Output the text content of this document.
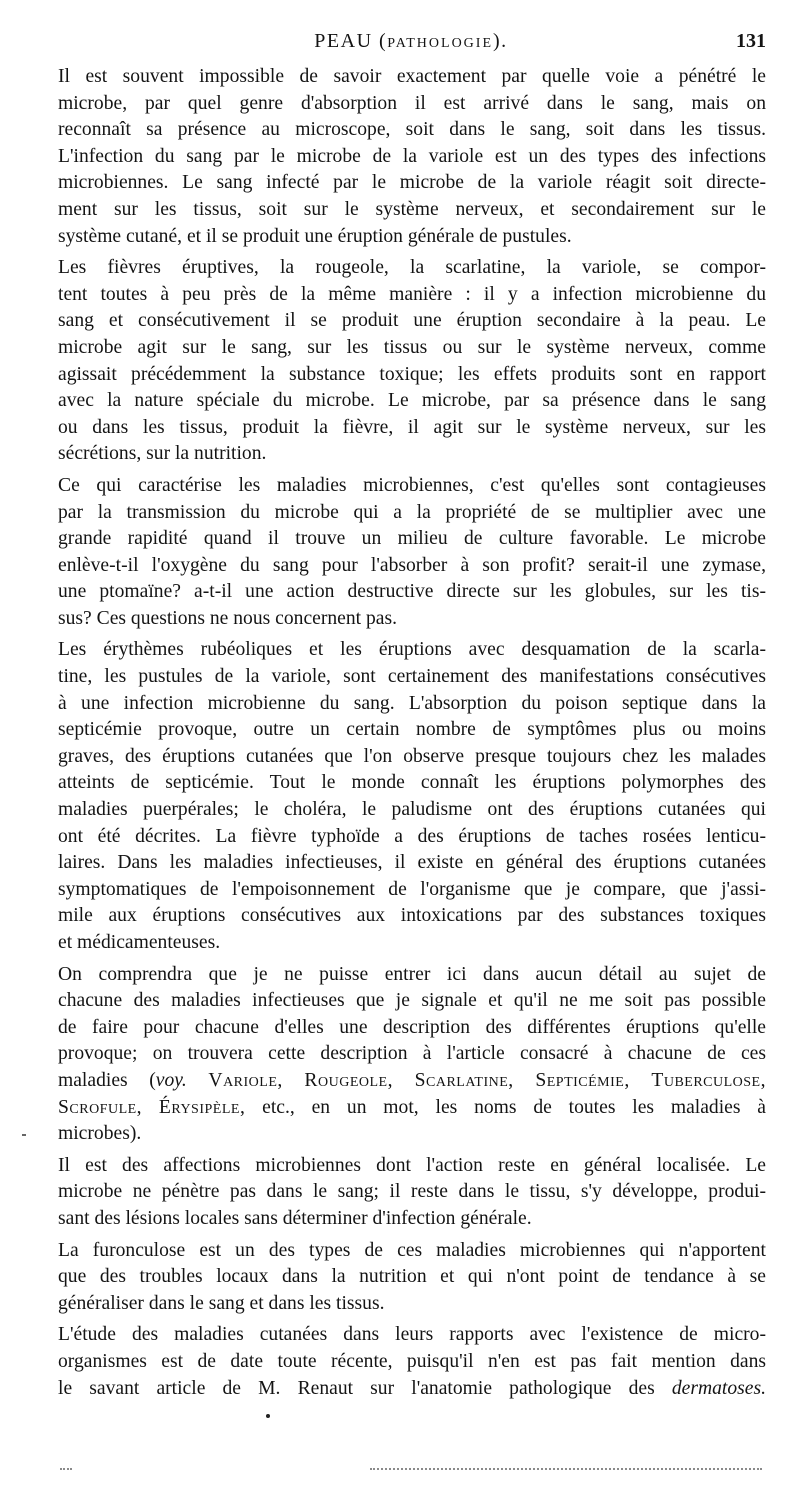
PEAU (PATHOLOGIE).	131

Il est souvent impossible de savoir exactement par quelle voie a pénétré le
microbe, par quel genre d'absorption il est arrivé dans le sang, mais on
reconnaît sa présence au microscope, soit dans le sang, soit dans les tissus.
L'infection du sang par le microbe de la variole est un des types des infections
microbiennes. Le sang infecté par le microbe de la variole réagit soit directe-
ment sur les tissus, soit sur le système nerveux, et secondairement sur le
système cutané, et il se produit une éruption générale de pustules.

Les fièvres éruptives, la rougeole, la scarlatine, la variole, se compor-
tent toutes à peu près de la même manière : il y a infection microbienne du
sang et consécutivement il se produit une éruption secondaire à la peau. Le
microbe agit sur le sang, sur les tissus ou sur le système nerveux, comme
agissait précédemment la substance toxique; les effets produits sont en rapport
avec la nature spéciale du microbe. Le microbe, par sa présence dans le sang
ou dans les tissus, produit la fièvre, il agit sur le système nerveux, sur les
sécrétions, sur la nutrition.

Ce qui caractérise les maladies microbiennes, c'est qu'elles sont contagieuses
par la transmission du microbe qui a la propriété de se multiplier avec une
grande rapidité quand il trouve un milieu de culture favorable. Le microbe
enlève-t-il l'oxygène du sang pour l'absorber à son profit? serait-il une zymase,
une ptomaïne? a-t-il une action destructive directe sur les globules, sur les tis-
sus? Ces questions ne nous concernent pas.

Les érythèmes rubéoliques et les éruptions avec desquamation de la scarla-
tine, les pustules de la variole, sont certainement des manifestations consécutives
à une infection microbienne du sang. L'absorption du poison septique dans la
septicémie provoque, outre un certain nombre de symptômes plus ou moins
graves, des éruptions cutanées que l'on observe presque toujours chez les malades
atteints de septicémie. Tout le monde connaît les éruptions polymorphes des
maladies puerpérales; le choléra, le paludisme ont des éruptions cutanées qui
ont été décrites. La fièvre typhoïde a des éruptions de taches rosées lenticu-
laires. Dans les maladies infectieuses, il existe en général des éruptions cutanées
symptomatiques de l'empoisonnement de l'organisme que je compare, que j'assi-
mile aux éruptions consécutives aux intoxications par des substances toxiques
et médicamenteuses.

On comprendra que je ne puisse entrer ici dans aucun détail au sujet de
chacune des maladies infectieuses que je signale et qu'il ne me soit pas possible
de faire pour chacune d'elles une description des différentes éruptions qu'elle
provoque; on trouvera cette description à l'article consacré à chacune de ces
maladies (voy. Variole, Rougeole, Scarlatine, Septicémie, Tuberculose,
Scrofule, Érysipèle, etc., en un mot, les noms de toutes les maladies à
microbes).

Il est des affections microbiennes dont l'action reste en général localisée. Le
microbe ne pénètre pas dans le sang; il reste dans le tissu, s'y développe, produi-
sant des lésions locales sans déterminer d'infection générale.

La furonculose est un des types de ces maladies microbiennes qui n'apportent
que des troubles locaux dans la nutrition et qui n'ont point de tendance à se
généraliser dans le sang et dans les tissus.

L'étude des maladies cutanées dans leurs rapports avec l'existence de micro-
organismes est de date toute récente, puisqu'il n'en est pas fait mention dans
le savant article de M. Renaut sur l'anatomie pathologique des dermatoses.
